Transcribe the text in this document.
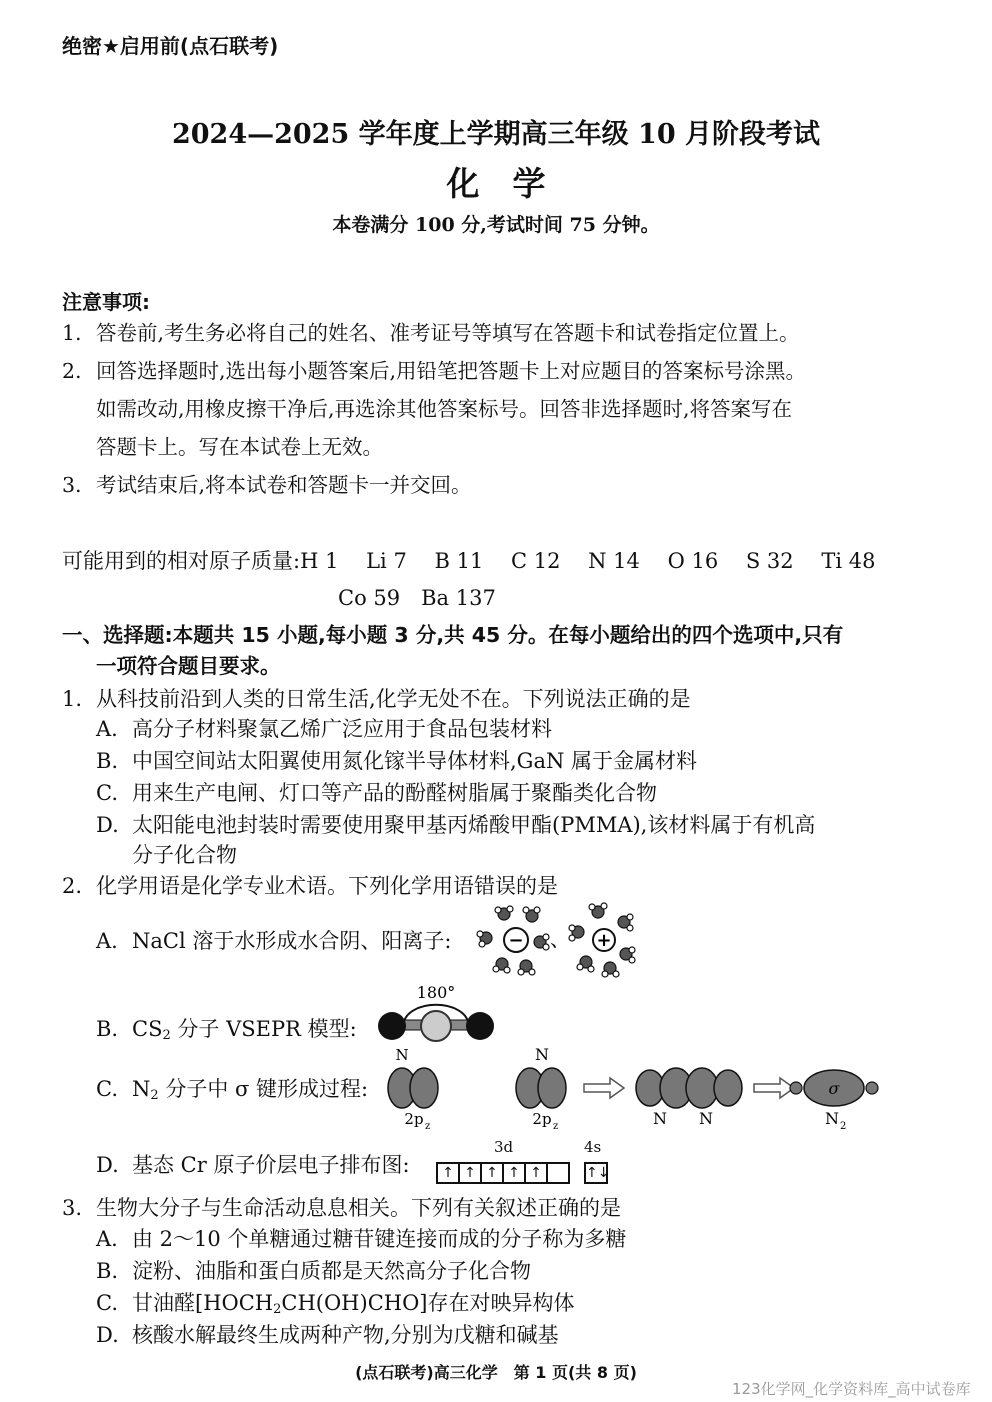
绝密★启用前(点石联考)
2024—2025 学年度上学期高三年级 10 月阶段考试
化　学
本卷满分 100 分,考试时间 75 分钟。
注意事项:
1. 答卷前,考生务必将自己的姓名、准考证号等填写在答题卡和试卷指定位置上。
2. 回答选择题时,选出每小题答案后,用铅笔把答题卡上对应题目的答案标号涂黑。
如需改动,用橡皮擦干净后,再选涂其他答案标号。回答非选择题时,将答案写在
答题卡上。写在本试卷上无效。
3. 考试结束后,将本试卷和答题卡一并交回。
可能用到的相对原子质量:H 1　 Li 7　 B 11　 C 12　 N 14　 O 16　 S 32　 Ti 48
Co 59　Ba 137
一、选择题:本题共 15 小题,每小题 3 分,共 45 分。在每小题给出的四个选项中,只有
一项符合题目要求。
1. 从科技前沿到人类的日常生活,化学无处不在。下列说法正确的是
A. 高分子材料聚氯乙烯广泛应用于食品包装材料
B. 中国空间站太阳翼使用氮化镓半导体材料,GaN 属于金属材料
C. 用来生产电闸、灯口等产品的酚醛树脂属于聚酯类化合物
D. 太阳能电池封装时需要使用聚甲基丙烯酸甲酯(PMMA),该材料属于有机高
分子化合物
2. 化学用语是化学专业术语。下列化学用语错误的是
A. NaCl 溶于水形成水合阴、阳离子:	−	+
、
B. $CS_2$ 分子 VSEPR 模型:
180°
C. $N_2$ 分子中 σ 键形成过程:
N
2p z
N
2p z	N N
σ
N 2
D. 基态 Cr 原子价层电子排布图:
3d	4s
↑ ↑ ↑ ↑ ↑	↑↓
3. 生物大分子与生命活动息息相关。下列有关叙述正确的是
A. 由 2～10 个单糖通过糖苷键连接而成的分子称为多糖
B. 淀粉、油脂和蛋白质都是天然高分子化合物
C. 甘油醛$[HOCH_2CH(OH)CHO]$存在对映异构体
D. 核酸水解最终生成两种产物,分别为戊糖和碱基
(点石联考)高三化学　第 1 页(共 8 页)
123化学网_化学资料库_高中试卷库
